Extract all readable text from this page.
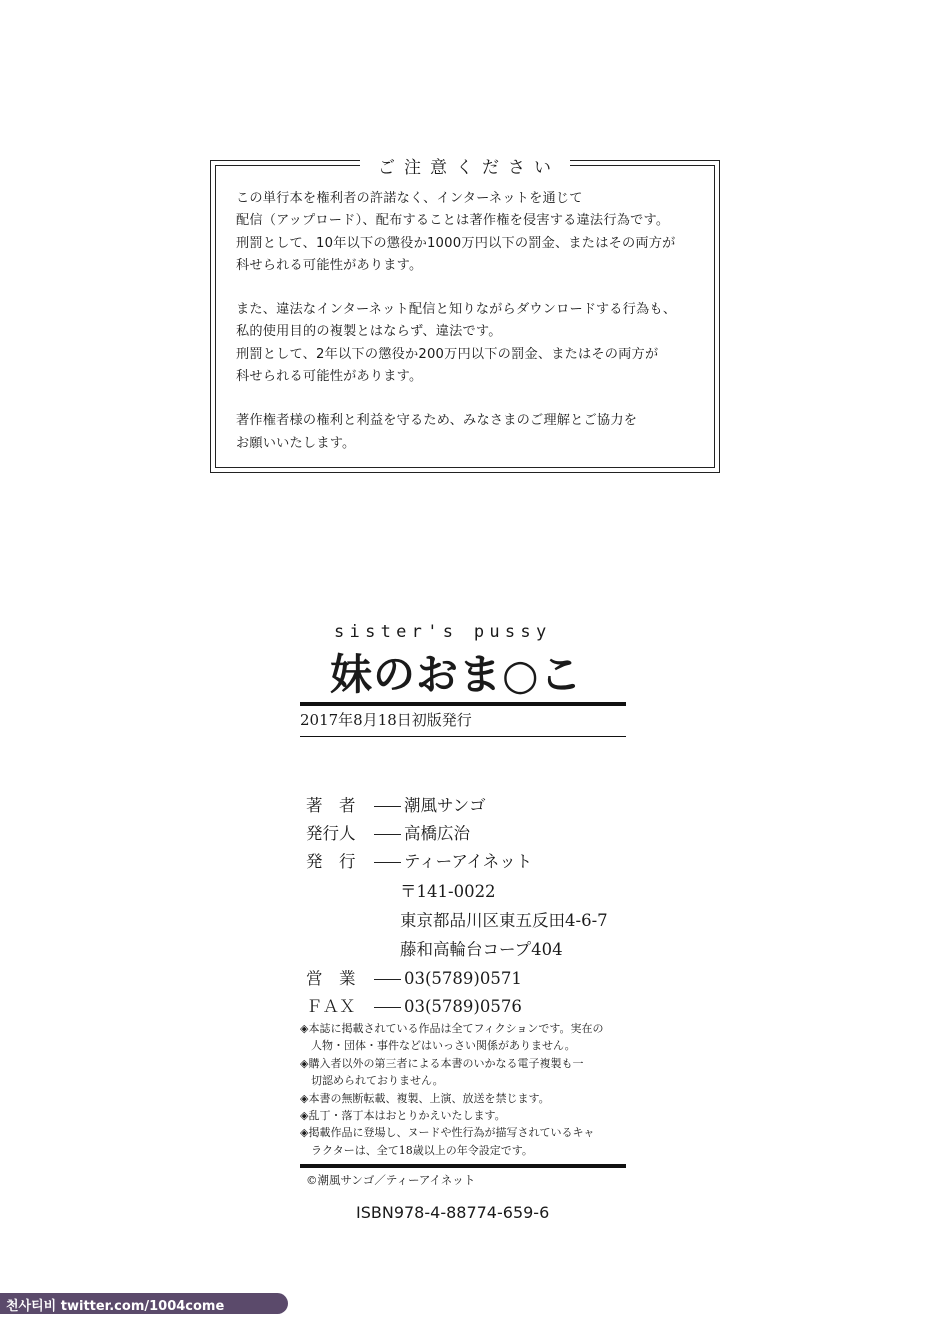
ご注意ください
この単行本を権利者の許諾なく、インターネットを通じて
配信（アップロード）、配布することは著作権を侵害する違法行為です。
刑罰として、10年以下の懲役か1000万円以下の罰金、またはその両方が
科せられる可能性があります。
また、違法なインターネット配信と知りながらダウンロードする行為も、
私的使用目的の複製とはならず、違法です。
刑罰として、2年以下の懲役か200万円以下の罰金、またはその両方が
科せられる可能性があります。
著作権者様の権利と利益を守るため、みなさまのご理解とご協力を
お願いいたします。
sister's pussy
妹のおま○こ
2017年8月18日初版発行
著　者	潮風サンゴ
発行人	高橋広治
発　行	ティーアイネット
〒141-0022
東京都品川区東五反田4-6-7
藤和高輪台コープ404
営　業	03(5789)0571
ＦＡＸ	03(5789)0576
◈本誌に掲載されている作品は全てフィクションです。実在の
　人物・団体・事件などはいっさい関係がありません。
◈購入者以外の第三者による本書のいかなる電子複製も一
　切認められておりません。
◈本書の無断転載、複製、上演、放送を禁じます。
◈乱丁・落丁本はおとりかえいたします。
◈掲載作品に登場し、ヌードや性行為が描写されているキャ
　ラクターは、全て18歳以上の年令設定です。
©潮風サンゴ／ティーアイネット
ISBN978-4-88774-659-6
천사티비 twitter.com/1004come
